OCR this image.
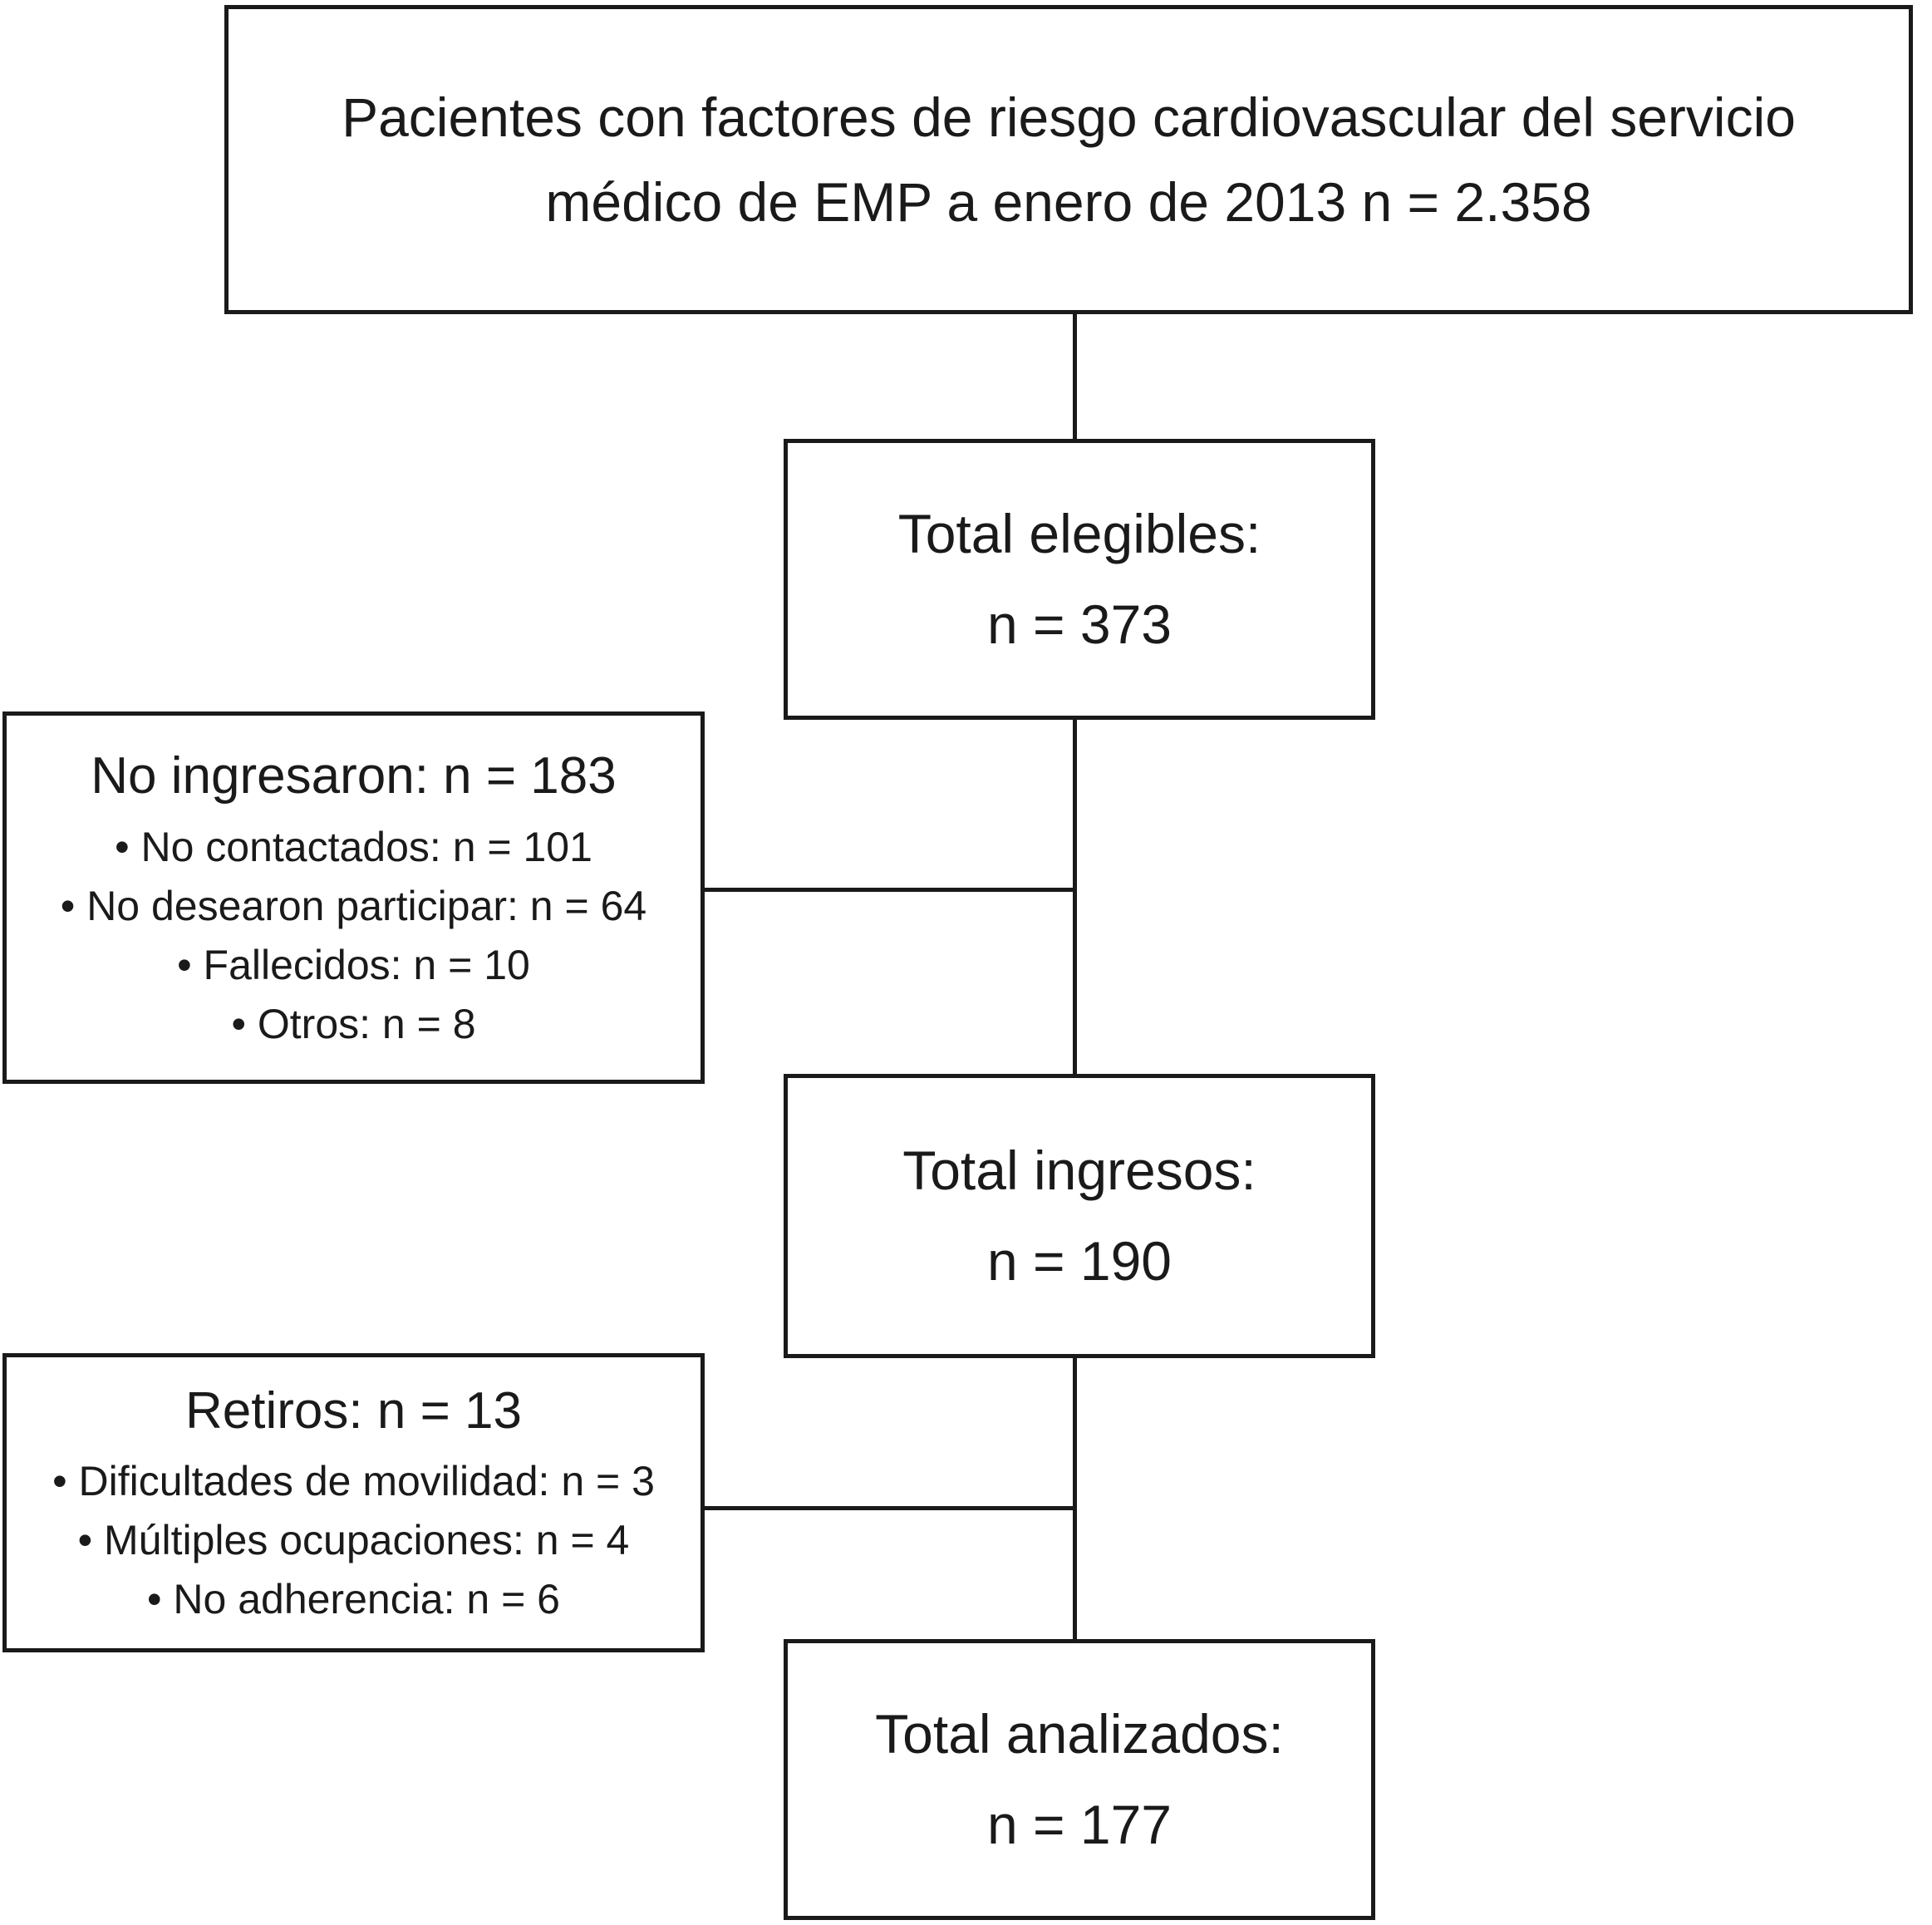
Pacientes con factores de riesgo cardiovascular del servicio
médico de EMP a enero de 2013 n = 2.358
Total elegibles:
n = 373
No ingresaron: n = 183
• No contactados: n = 101
• No desearon participar: n = 64
• Fallecidos: n = 10
• Otros: n = 8
Total ingresos:
n = 190
Retiros: n = 13
• Dificultades de movilidad: n = 3
• Múltiples ocupaciones: n = 4
• No adherencia: n = 6
Total analizados:
n = 177
